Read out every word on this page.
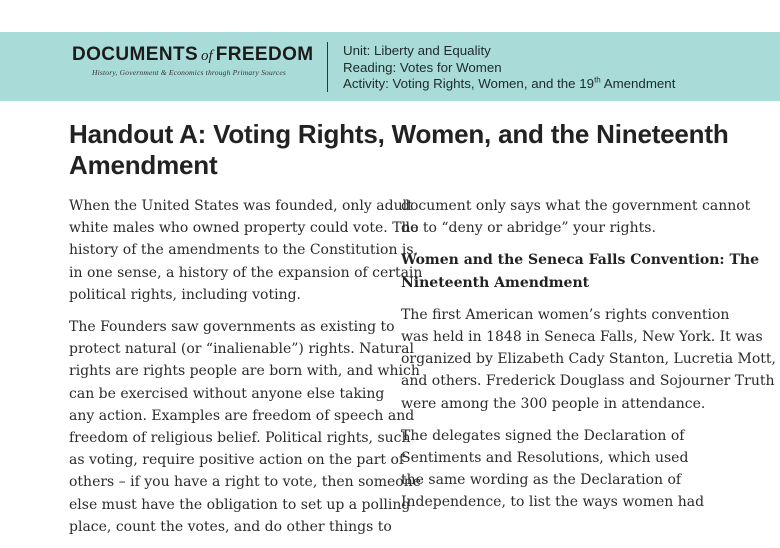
DOCUMENTS of FREEDOM
History, Government & Economics through Primary Sources
Unit: Liberty and Equality
Reading: Votes for Women
Activity: Voting Rights, Women, and the 19th Amendment
Handout A: Voting Rights, Women, and the Nineteenth
Amendment

When the United States was founded, only adult
white males who owned property could vote. The
history of the amendments to the Constitution is,
in one sense, a history of the expansion of certain
political rights, including voting.

The Founders saw governments as existing to
protect natural (or “inalienable”) rights. Natural
rights are rights people are born with, and which
can be exercised without anyone else taking
any action. Examples are freedom of speech and
freedom of religious belief. Political rights, such
as voting, require positive action on the part of
others – if you have a right to vote, then someone
else must have the obligation to set up a polling
place, count the votes, and do other things to

document only says what the government cannot
do to “deny or abridge” your rights.

Women and the Seneca Falls Convention: The
Nineteenth Amendment

The first American women’s rights convention
was held in 1848 in Seneca Falls, New York. It was
organized by Elizabeth Cady Stanton, Lucretia Mott,
and others. Frederick Douglass and Sojourner Truth
were among the 300 people in attendance.

The delegates signed the Declaration of
Sentiments and Resolutions, which used
the same wording as the Declaration of
Independence, to list the ways women had
